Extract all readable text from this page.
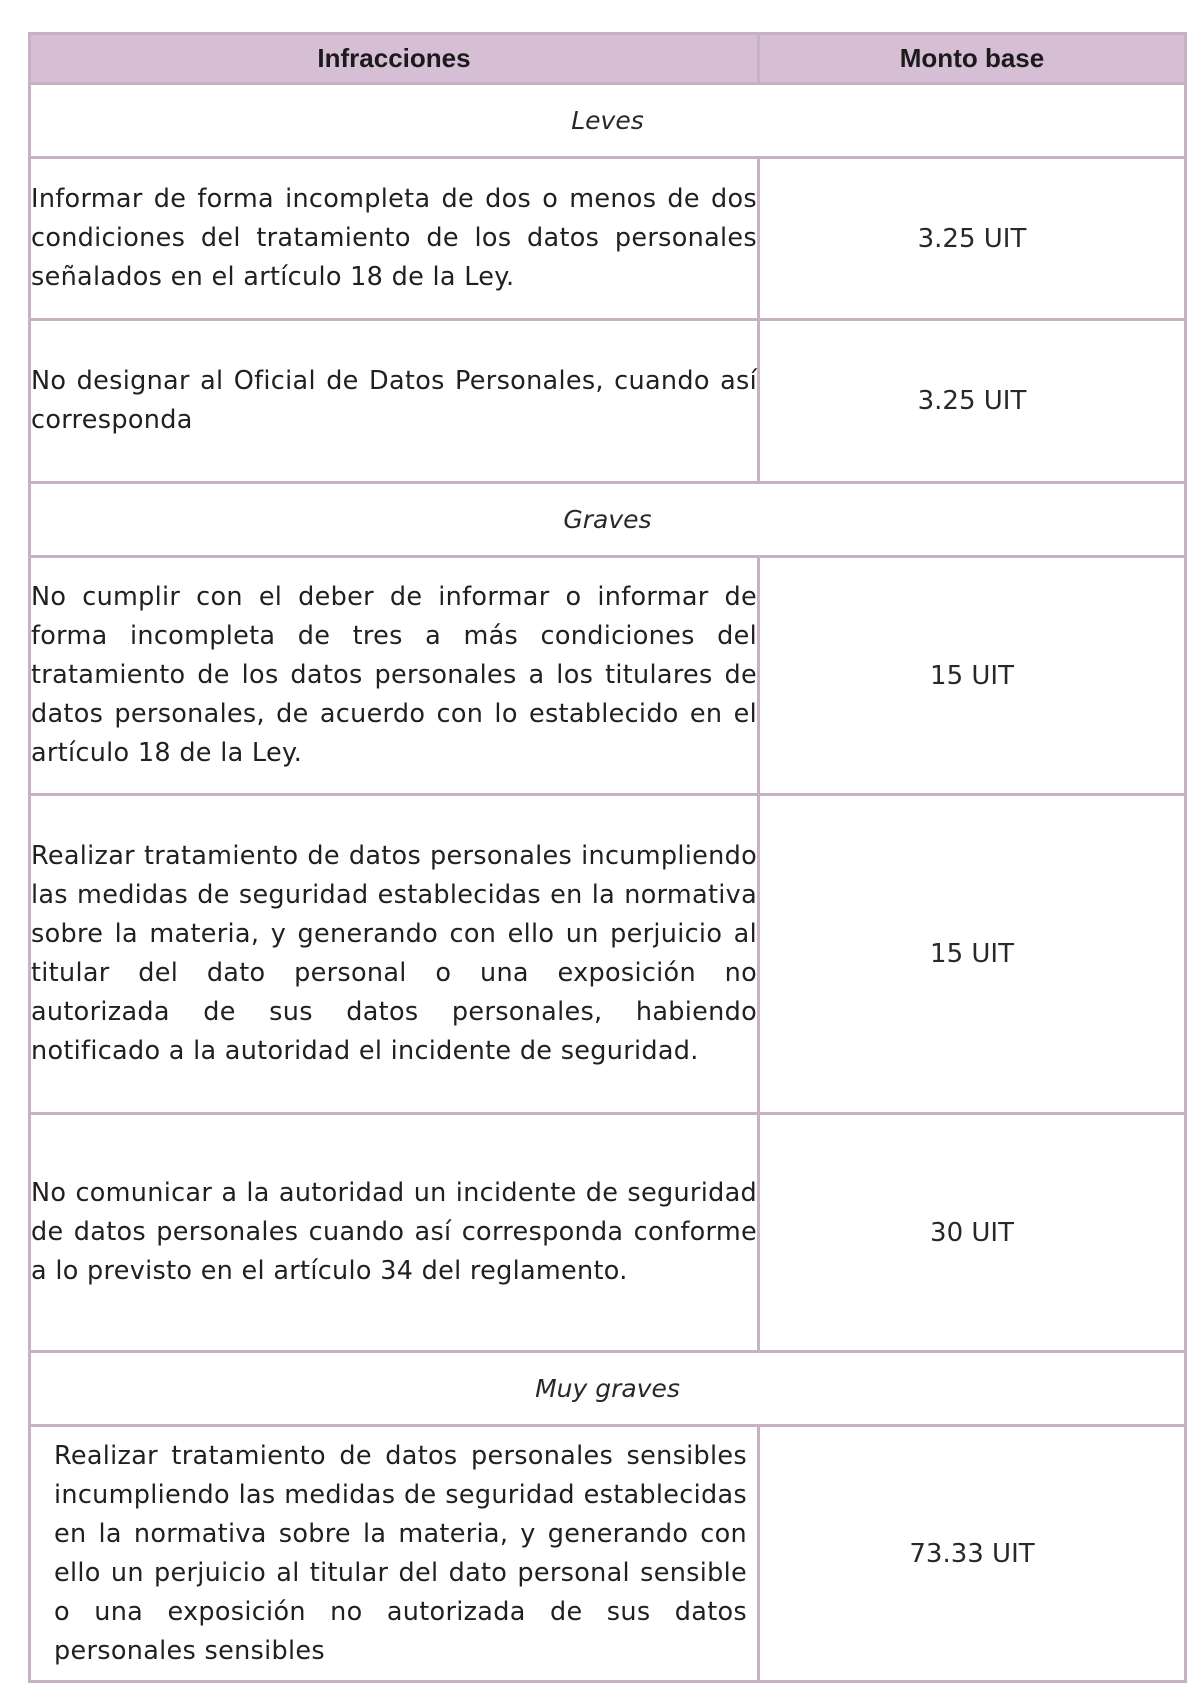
Infracciones	Monto base
Leves	
Informar de forma incompleta de dos o menos de dos condiciones del tratamiento de los datos personales señalados en el artículo 18 de la Ley.	3.25 UIT
No designar al Oficial de Datos Personales, cuando así corresponda	3.25 UIT
Graves	
No cumplir con el deber de informar o informar de forma incompleta de tres a más condiciones del tratamiento de los datos personales a los titulares de datos personales, de acuerdo con lo establecido en el artículo 18 de la Ley.	15 UIT
Realizar tratamiento de datos personales incumpliendo las medidas de seguridad establecidas en la normativa sobre la materia, y generando con ello un perjuicio al titular del dato personal o una exposición no autorizada de sus datos personales, habiendo notificado a la autoridad el incidente de seguridad.	15 UIT
No comunicar a la autoridad un incidente de seguridad de datos personales cuando así corresponda conforme a lo previsto en el artículo 34 del reglamento.	30 UIT
Muy graves	
Realizar tratamiento de datos personales sensibles incumpliendo las medidas de seguridad establecidas en la normativa sobre la materia, y generando con ello un perjuicio al titular del dato personal sensible o una exposición no autorizada de sus datos personales sensibles	73.33 UIT
